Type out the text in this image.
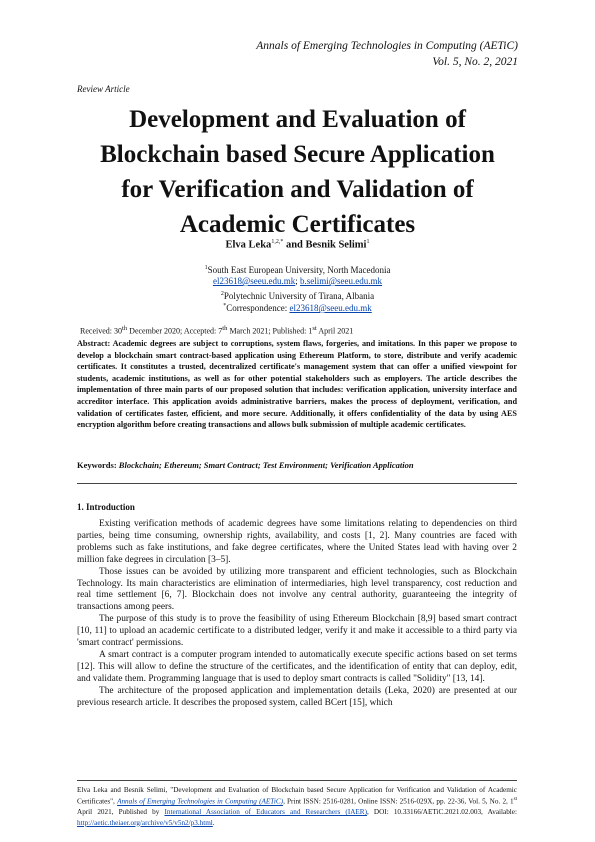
Annals of Emerging Technologies in Computing (AETiC)
Vol. 5, No. 2, 2021
Review Article
Development and Evaluation of
Blockchain based Secure Application
for Verification and Validation of
Academic Certificates
Elva Leka$^{1,2,*}$ and Besnik Selimi$^1$
$^1$South East European University, North Macedonia
el23618@seeu.edu.mk; b.selimi@seeu.edu.mk
$^2$Polytechnic University of Tirana, Albania
*Correspondence: el23618@seeu.edu.mk
Received: 30th December 2020; Accepted: 7th March 2021; Published: 1st April 2021
Abstract: Academic degrees are subject to corruptions, system flaws, forgeries, and imitations. In this paper we propose to develop a blockchain smart contract-based application using Ethereum Platform, to store, distribute and verify academic certificates. It constitutes a trusted, decentralized certificate's management system that can offer a unified viewpoint for students, academic institutions, as well as for other potential stakeholders such as employers. The article describes the implementation of three main parts of our proposed solution that includes: verification application, university interface and accreditor interface. This application avoids administrative barriers, makes the process of deployment, verification, and validation of certificates faster, efficient, and more secure. Additionally, it offers confidentiality of the data by using AES encryption algorithm before creating transactions and allows bulk submission of multiple academic certificates.
Keywords: Blockchain; Ethereum; Smart Contract; Test Environment; Verification Application
1. Introduction

Existing verification methods of academic degrees have some limitations relating to dependencies on third parties, being time consuming, ownership rights, availability, and costs [1, 2]. Many countries are faced with problems such as fake institutions, and fake degree certificates, where the United States lead with having over 2 million fake degrees in circulation [3–5].

Those issues can be avoided by utilizing more transparent and efficient technologies, such as Blockchain Technology. Its main characteristics are elimination of intermediaries, high level transparency, cost reduction and real time settlement [6, 7]. Blockchain does not involve any central authority, guaranteeing the integrity of transactions among peers.

The purpose of this study is to prove the feasibility of using Ethereum Blockchain [8,9] based smart contract [10, 11] to upload an academic certificate to a distributed ledger, verify it and make it accessible to a third party via 'smart contract' permissions.

A smart contract is a computer program intended to automatically execute specific actions based on set terms [12]. This will allow to define the structure of the certificates, and the identification of entity that can deploy, edit, and validate them. Programming language that is used to deploy smart contracts is called "Solidity" [13, 14].

The architecture of the proposed application and implementation details (Leka, 2020) are presented at our previous research article. It describes the proposed system, called BCert [15], which

Elva Leka and Besnik Selimi, "Development and Evaluation of Blockchain based Secure Application for Verification and Validation of Academic Certificates", Annals of Emerging Technologies in Computing (AETiC), Print ISSN: 2516-0281, Online ISSN: 2516-029X, pp. 22-36, Vol. 5, No. 2, 1st April 2021, Published by International Association of Educators and Researchers (IAER), DOI: 10.33166/AETiC.2021.02.003, Available: http://aetic.theiaer.org/archive/v5/v5n2/p3.html.
